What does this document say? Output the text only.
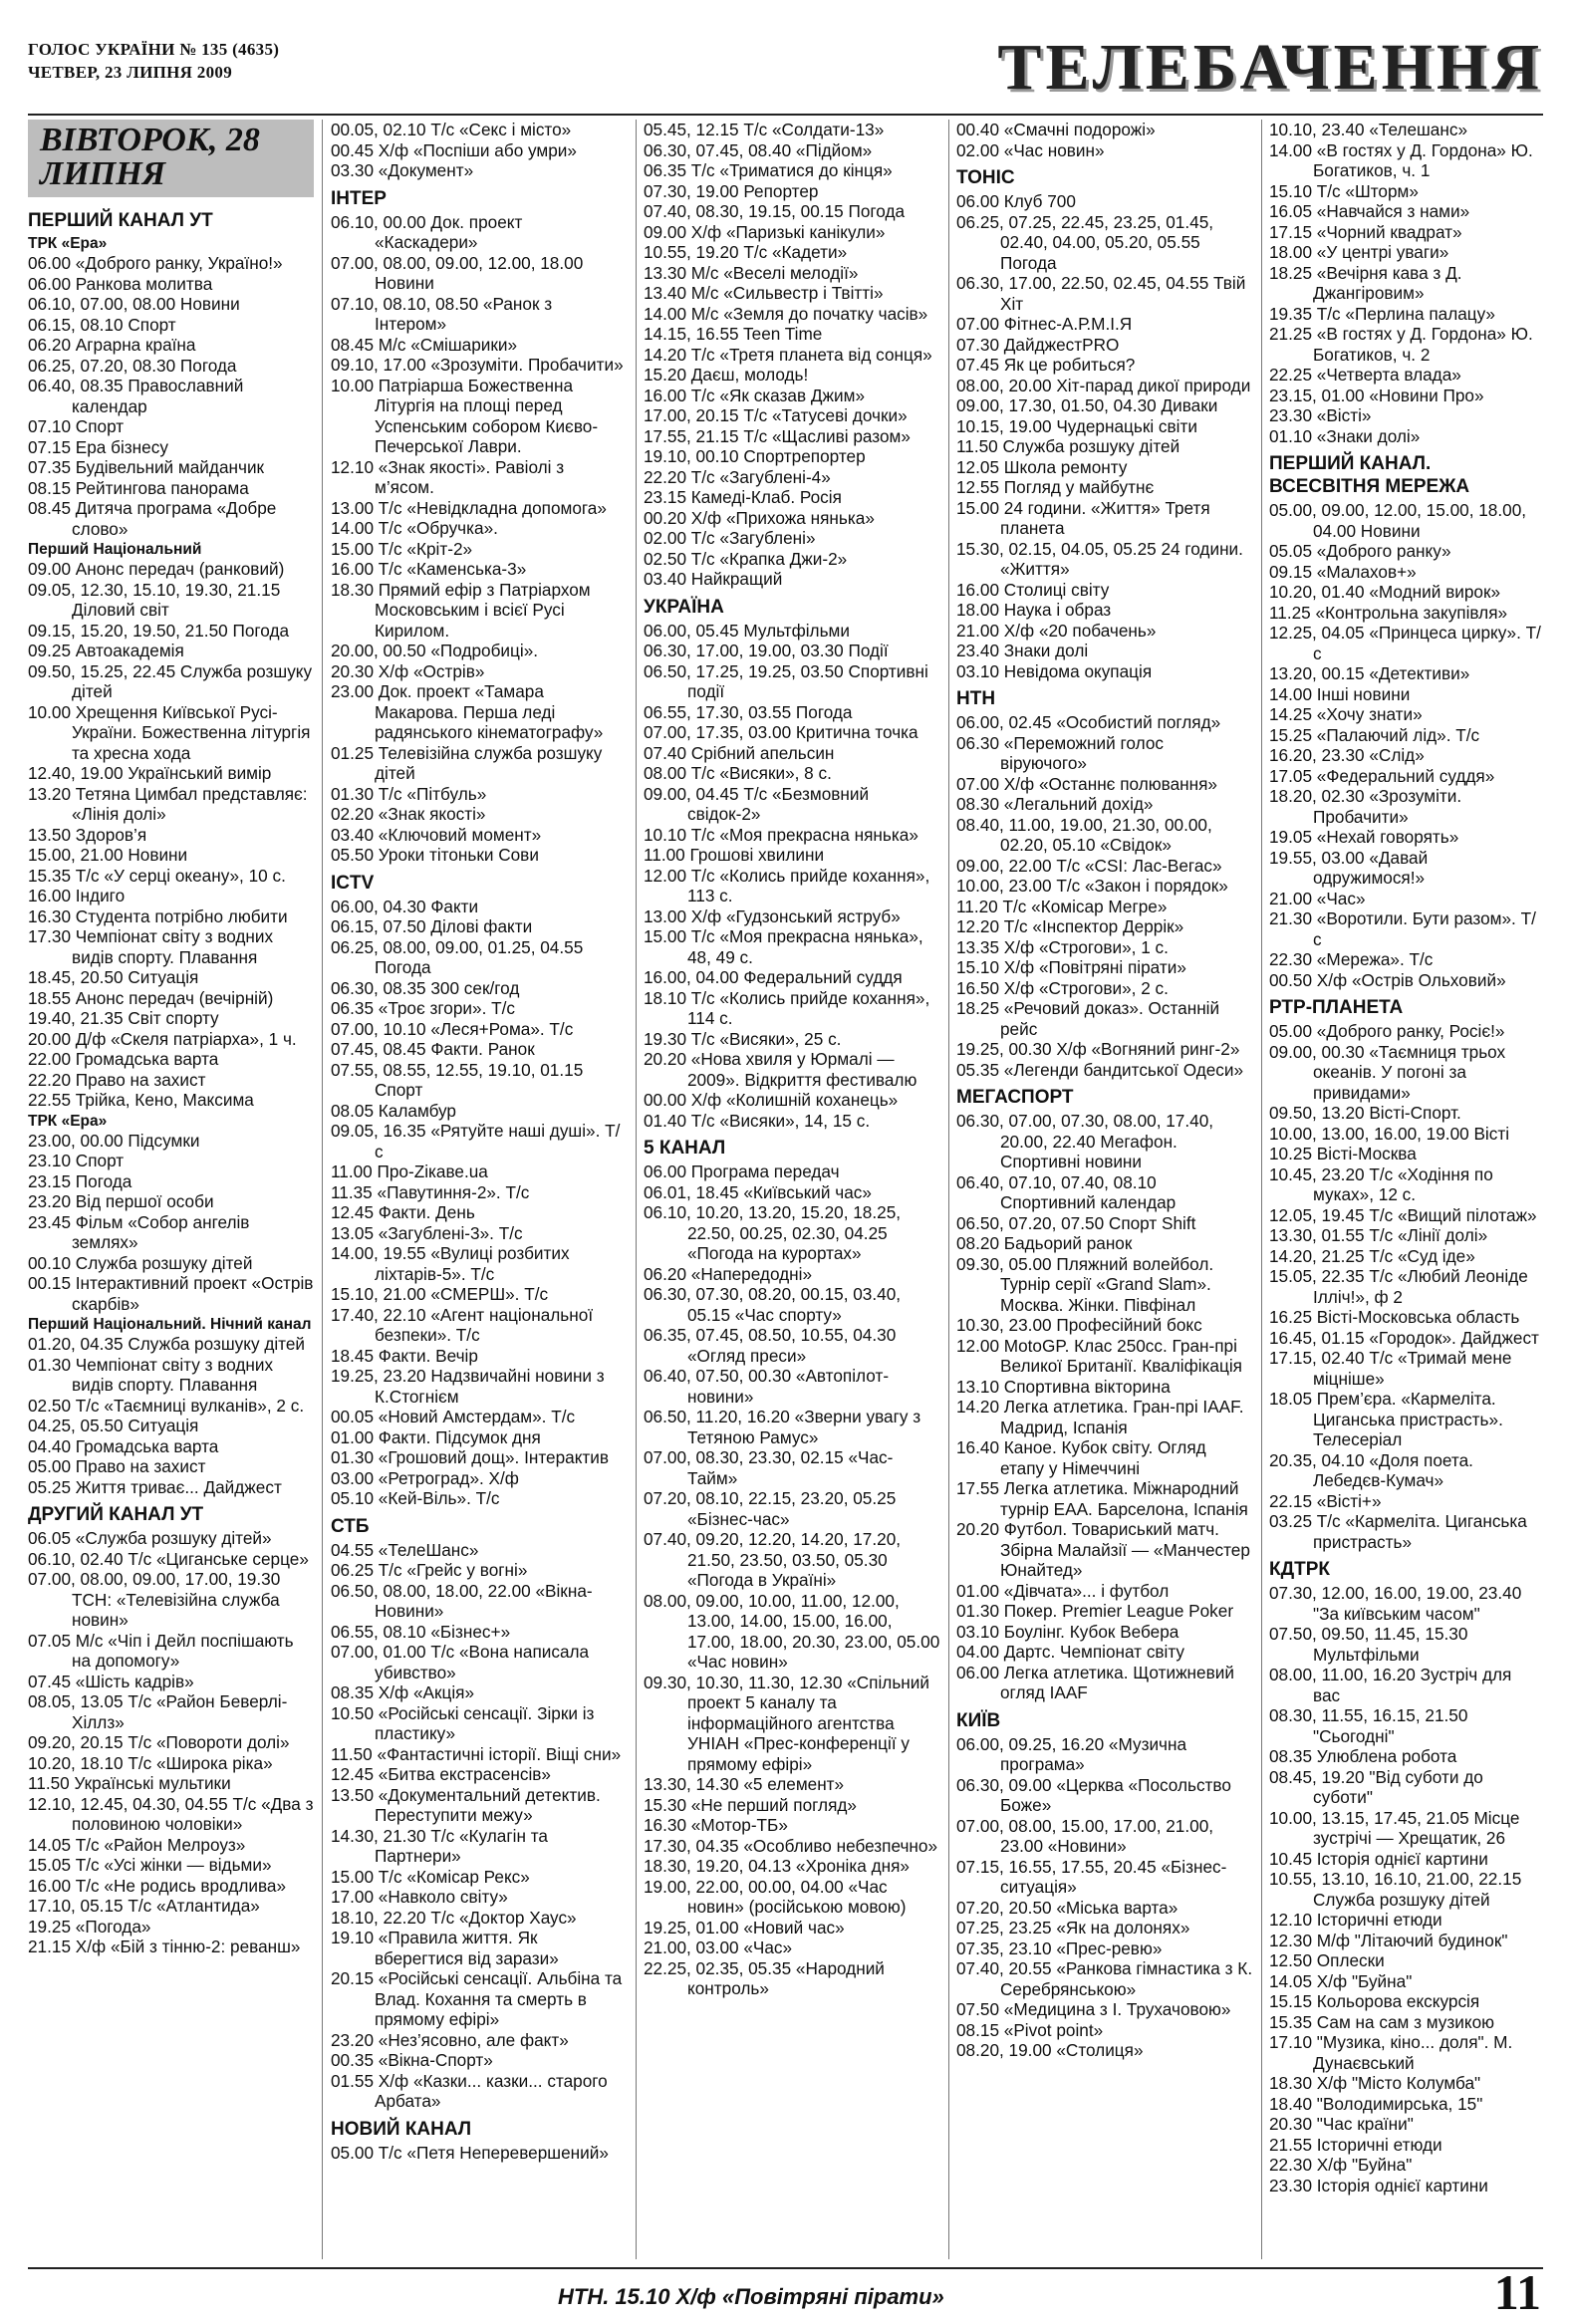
ГОЛОС УКРАЇНИ № 135 (4635)
ЧЕТВЕР, 23 ЛИПНЯ 2009	ТЕЛЕБАЧЕННЯ
ВІВТОРОК, 28 ЛИПНЯ
ПЕРШИЙ КАНАЛ УТ
ТРК «Ера»
06.00 «Доброго ранку, Україно!»
06.00 Ранкова молитва
06.10, 07.00, 08.00 Новини
06.15, 08.10 Спорт
06.20 Аграрна країна
06.25, 07.20, 08.30 Погода
06.40, 08.35 Православний календар
07.10 Спорт
07.15 Ера бізнесу
07.35 Будівельний майданчик
08.15 Рейтингова панорама
08.45 Дитяча програма «Добре слово»
Перший Національний
09.00 Анонс передач (ранковий)
09.05, 12.30, 15.10, 19.30, 21.15 Діловий світ
09.15, 15.20, 19.50, 21.50 Погода
09.25 Автоакадемія
09.50, 15.25, 22.45 Служба розшуку дітей
10.00 Хрещення Київської Русі-України. Божественна літургія та хресна хода
12.40, 19.00 Український вимір
13.20 Тетяна Цимбал представляє: «Лінія долі»
13.50 Здоров’я
15.00, 21.00 Новини
15.35 Т/с «У серці океану», 10 с.
16.00 Індиго
16.30 Студента потрібно любити
17.30 Чемпіонат світу з водних видів спорту. Плавання
18.45, 20.50 Ситуація
18.55 Анонс передач (вечірній)
19.40, 21.35 Світ спорту
20.00 Д/ф «Скеля патріарха», 1 ч.
22.00 Громадська варта
22.20 Право на захист
22.55 Трійка, Кено, Максима
ТРК «Ера»
23.00, 00.00 Підсумки
23.10 Спорт
23.15 Погода
23.20 Від першої особи
23.45 Фільм «Собор ангелів землях»
00.10 Служба розшуку дітей
00.15 Інтерактивний проект «Острів скарбів»
Перший Національний. Нічний канал
01.20, 04.35 Служба розшуку дітей
01.30 Чемпіонат світу з водних видів спорту. Плавання
02.50 Т/с «Таємниці вулканів», 2 с.
04.25, 05.50 Ситуація
04.40 Громадська варта
05.00 Право на захист
05.25 Життя триває... Дайджест
ДРУГИЙ КАНАЛ УТ
06.05 «Служба розшуку дітей»
06.10, 02.40 Т/с «Циганське серце»
07.00, 08.00, 09.00, 17.00, 19.30 ТСН: «Телевізійна служба новин»
07.05 М/с «Чіп і Дейл поспішають на допомогу»
07.45 «Шість кадрів»
08.05, 13.05 Т/с «Район Беверлі-Хіллз»
09.20, 20.15 Т/с «Повороти долі»
10.20, 18.10 Т/с «Широка ріка»
11.50 Українські мультики
12.10, 12.45, 04.30, 04.55 Т/с «Два з половиною чоловіки»
14.05 Т/с «Район Мелроуз»
15.05 Т/с «Усі жінки — відьми»
16.00 Т/с «Не родись вродлива»
17.10, 05.15 Т/с «Атлантида»
19.25 «Погода»
21.15 Х/ф «Бій з тінню-2: реванш»
00.05, 02.10 Т/с «Секс і місто»
00.45 Х/ф «Поспіши або умри»
03.30 «Документ»
ІНТЕР
06.10, 00.00 Док. проект «Каскадери»
07.00, 08.00, 09.00, 12.00, 18.00 Новини
07.10, 08.10, 08.50 «Ранок з Інтером»
08.45 М/с «Смішарики»
09.10, 17.00 «Зрозуміти. Пробачити»
10.00 Патріарша Божественна Літургія на площі перед Успенським собором Києво-Печерської Лаври.
12.10 «Знак якості». Равіолі з м’ясом.
13.00 Т/с «Невідкладна допомога»
14.00 Т/с «Обручка».
15.00 Т/с «Кріт-2»
16.00 Т/с «Каменська-3»
18.30 Прямий ефір з Патріархом Московським і всієї Русі Кирилом.
20.00, 00.50 «Подробиці».
20.30 Х/ф «Острів»
23.00 Док. проект «Тамара Макарова. Перша леді радянського кінематографу»
01.25 Телевізійна служба розшуку дітей
01.30 Т/с «Пітбуль»
02.20 «Знак якості»
03.40 «Ключовий момент»
05.50 Уроки тітоньки Сови
ICTV
06.00, 04.30 Факти
06.15, 07.50 Ділові факти
06.25, 08.00, 09.00, 01.25, 04.55 Погода
06.30, 08.35 300 сек/год
06.35 «Троє згори». Т/с
07.00, 10.10 «Леся+Рома». Т/с
07.45, 08.45 Факти. Ранок
07.55, 08.55, 12.55, 19.10, 01.15 Спорт
08.05 Каламбур
09.05, 16.35 «Рятуйте наші душі». Т/с
11.00 Про-Zікаве.ua
11.35 «Павутиння-2». Т/с
12.45 Факти. День
13.05 «Загублені-3». Т/с
14.00, 19.55 «Вулиці розбитих ліхтарів-5». Т/с
15.10, 21.00 «СМЕРШ». Т/с
17.40, 22.10 «Агент національної безпеки». Т/с
18.45 Факти. Вечір
19.25, 23.20 Надзвичайні новини з К.Стогнієм
00.05 «Новий Амстердам». Т/с
01.00 Факти. Підсумок дня
01.30 «Грошовий дощ». Інтерактив
03.00 «Ретроград». Х/ф
05.10 «Кей-Віль». Т/с
СТБ
04.55 «ТелеШанс»
06.25 Т/с «Грейс у вогні»
06.50, 08.00, 18.00, 22.00 «Вікна-Новини»
06.55, 08.10 «Бізнес+»
07.00, 01.00 Т/с «Вона написала убивство»
08.35 Х/ф «Акція»
10.50 «Російські сенсації. Зірки із пластику»
11.50 «Фантастичні історії. Віщі сни»
12.45 «Битва екстрасенсів»
13.50 «Документальний детектив. Переступити межу»
14.30, 21.30 Т/с «Кулагін та Партнери»
15.00 Т/с «Комісар Рекс»
17.00 «Навколо світу»
18.10, 22.20 Т/с «Доктор Хаус»
19.10 «Правила життя. Як вберегтися від зарази»
20.15 «Російські сенсації. Альбіна та Влад. Кохання та смерть в прямому ефірі»
23.20 «Нез’ясовно, але факт»
00.35 «Вікна-Спорт»
01.55 Х/ф «Казки... казки... старого Арбата»
НОВИЙ КАНАЛ
05.00 Т/с «Петя Неперевершений»
05.45, 12.15 Т/с «Солдати-13»
06.30, 07.45, 08.40 «Підйом»
06.35 Т/с «Триматися до кінця»
07.30, 19.00 Репортер
07.40, 08.30, 19.15, 00.15 Погода
09.00 Х/ф «Паризькі канікули»
10.55, 19.20 Т/с «Кадети»
13.30 М/с «Веселі мелодії»
13.40 М/с «Сильвестр і Твітті»
14.00 М/с «Земля до початку часів»
14.15, 16.55 Teen Time
14.20 Т/с «Третя планета від сонця»
15.20 Даєш, молодь!
16.00 Т/с «Як сказав Джим»
17.00, 20.15 Т/с «Татусеві дочки»
17.55, 21.15 Т/с «Щасливі разом»
19.10, 00.10 Спортрепортер
22.20 Т/с «Загублені-4»
23.15 Камеді-Клаб. Росія
00.20 Х/ф «Прихожа нянька»
02.00 Т/с «Загублені»
02.50 Т/с «Крапка Джи-2»
03.40 Найкращий
УКРАЇНА
06.00, 05.45 Мультфільми
06.30, 17.00, 19.00, 03.30 Події
06.50, 17.25, 19.25, 03.50 Спортивні події
06.55, 17.30, 03.55 Погода
07.00, 17.35, 03.00 Критична точка
07.40 Срібний апельсин
08.00 Т/с «Висяки», 8 с.
09.00, 04.45 Т/с «Безмовний свідок-2»
10.10 Т/с «Моя прекрасна нянька»
11.00 Грошові хвилини
12.00 Т/с «Колись прийде кохання», 113 с.
13.00 Х/ф «Гудзонський яструб»
15.00 Т/с «Моя прекрасна нянька», 48, 49 с.
16.00, 04.00 Федеральний суддя
18.10 Т/с «Колись прийде кохання», 114 с.
19.30 Т/с «Висяки», 25 с.
20.20 «Нова хвиля у Юрмалі — 2009». Відкриття фестивалю
00.00 Х/ф «Колишній коханець»
01.40 Т/с «Висяки», 14, 15 с.
5 КАНАЛ
06.00 Програма передач
06.01, 18.45 «Київський час»
06.10, 10.20, 13.20, 15.20, 18.25, 22.50, 00.25, 02.30, 04.25 «Погода на курортах»
06.20 «Напередодні»
06.30, 07.30, 08.20, 00.15, 03.40, 05.15 «Час спорту»
06.35, 07.45, 08.50, 10.55, 04.30 «Огляд преси»
06.40, 07.50, 00.30 «Автопілот-новини»
06.50, 11.20, 16.20 «Зверни увагу з Тетяною Рамус»
07.00, 08.30, 23.30, 02.15 «Час-Тайм»
07.20, 08.10, 22.15, 23.20, 05.25 «Бізнес-час»
07.40, 09.20, 12.20, 14.20, 17.20, 21.50, 23.50, 03.50, 05.30 «Погода в Україні»
08.00, 09.00, 10.00, 11.00, 12.00, 13.00, 14.00, 15.00, 16.00, 17.00, 18.00, 20.30, 23.00, 05.00 «Час новин»
09.30, 10.30, 11.30, 12.30 «Спільний проект 5 каналу та інформаційного агентства УНІАН «Прес-конференції у прямому ефірі»
13.30, 14.30 «5 елемент»
15.30 «Не перший погляд»
16.30 «Мотор-ТБ»
17.30, 04.35 «Особливо небезпечно»
18.30, 19.20, 04.13 «Хроніка дня»
19.00, 22.00, 00.00, 04.00 «Час новин» (російською мовою)
19.25, 01.00 «Новий час»
21.00, 03.00 «Час»
22.25, 02.35, 05.35 «Народний контроль»
00.40 «Смачні подорожі»
02.00 «Час новин»
ТОНІС
06.00 Клуб 700
06.25, 07.25, 22.45, 23.25, 01.45, 02.40, 04.00, 05.20, 05.55 Погода
06.30, 17.00, 22.50, 02.45, 04.55 Твій Хіт
07.00 Фітнес-А.Р.М.І.Я
07.30 ДайджестPRO
07.45 Як це робиться?
08.00, 20.00 Хіт-парад дикої природи
09.00, 17.30, 01.50, 04.30 Диваки
10.15, 19.00 Чудернацькі світи
11.50 Служба розшуку дітей
12.05 Школа ремонту
12.55 Погляд у майбутнє
15.00 24 години. «Життя» Третя планета
15.30, 02.15, 04.05, 05.25 24 години. «Життя»
16.00 Столиці світу
18.00 Наука і образ
21.00 Х/ф «20 побачень»
23.40 Знаки долі
03.10 Невідома окупація
НТН
06.00, 02.45 «Особистий погляд»
06.30 «Переможний голос віруючого»
07.00 Х/ф «Останнє полювання»
08.30 «Легальний дохід»
08.40, 11.00, 19.00, 21.30, 00.00, 02.20, 05.10 «Свідок»
09.00, 22.00 Т/с «CSI: Лас-Вегас»
10.00, 23.00 Т/с «Закон і порядок»
11.20 Т/с «Комісар Мегре»
12.20 Т/с «Інспектор Деррік»
13.35 Х/ф «Строгови», 1 с.
15.10 Х/ф «Повітряні пірати»
16.50 Х/ф «Строгови», 2 с.
18.25 «Речовий доказ». Останній рейс
19.25, 00.30 Х/ф «Вогняний ринг-2»
05.35 «Легенди бандитської Одеси»
МЕГАСПОРТ
06.30, 07.00, 07.30, 08.00, 17.40, 20.00, 22.40 Мегафон. Спортивні новини
06.40, 07.10, 07.40, 08.10 Спортивний календар
06.50, 07.20, 07.50 Спорт Shift
08.20 Бадьорий ранок
09.30, 05.00 Пляжний волейбол. Турнір серії «Grand Slam». Москва. Жінки. Півфінал
10.30, 23.00 Професійний бокс
12.00 MotoGP. Клас 250cc. Гран-прі Великої Британії. Кваліфікація
13.10 Спортивна вікторина
14.20 Легка атлетика. Гран-прі IAAF. Мадрид, Іспанія
16.40 Каное. Кубок світу. Огляд етапу у Німеччині
17.55 Легка атлетика. Міжнародний турнір ЕАА. Барселона, Іспанія
20.20 Футбол. Товариський матч. Збірна Малайзії — «Манчестер Юнайтед»
01.00 «Дівчата»... і футбол
01.30 Покер. Premier League Poker
03.10 Боулінг. Кубок Вебера
04.00 Дартс. Чемпіонат світу
06.00 Легка атлетика. Щотижневий огляд IAAF
КИЇВ
06.00, 09.25, 16.20 «Музична програма»
06.30, 09.00 «Церква «Посольство Боже»
07.00, 08.00, 15.00, 17.00, 21.00, 23.00 «Новини»
07.15, 16.55, 17.55, 20.45 «Бізнес-ситуація»
07.20, 20.50 «Міська варта»
07.25, 23.25 «Як на долонях»
07.35, 23.10 «Прес-ревю»
07.40, 20.55 «Ранкова гімнастика з К. Серебрянською»
07.50 «Медицина з І. Трухачовою»
08.15 «Pivot point»
08.20, 19.00 «Столиця»
10.10, 23.40 «Телешанс»
14.00 «В гостях у Д. Гордона» Ю. Богатиков, ч. 1
15.10 Т/с «Шторм»
16.05 «Навчайся з нами»
17.15 «Чорний квадрат»
18.00 «У центрі уваги»
18.25 «Вечірня кава з Д. Джангіровим»
19.35 Т/с «Перлина палацу»
21.25 «В гостях у Д. Гордона» Ю. Богатиков, ч. 2
22.25 «Четверта влада»
23.15, 01.00 «Новини Про»
23.30 «Вісті»
01.10 «Знаки долі»
ПЕРШИЙ КАНАЛ. ВСЕСВІТНЯ МЕРЕЖА
05.00, 09.00, 12.00, 15.00, 18.00, 04.00 Новини
05.05 «Доброго ранку»
09.15 «Малахов+»
10.20, 01.40 «Модний вирок»
11.25 «Контрольна закупівля»
12.25, 04.05 «Принцеса цирку». Т/с
13.20, 00.15 «Детективи»
14.00 Інші новини
14.25 «Хочу знати»
15.25 «Палаючий лід». Т/с
16.20, 23.30 «Слід»
17.05 «Федеральний суддя»
18.20, 02.30 «Зрозуміти. Пробачити»
19.05 «Нехай говорять»
19.55, 03.00 «Давай одружимося!»
21.00 «Час»
21.30 «Воротили. Бути разом». Т/с
22.30 «Мережа». Т/с
00.50 Х/ф «Острів Ольховий»
РТР-ПЛАНЕТА
05.00 «Доброго ранку, Росіє!»
09.00, 00.30 «Таємниця трьох океанів. У погоні за привидами»
09.50, 13.20 Вісті-Спорт.
10.00, 13.00, 16.00, 19.00 Вісті
10.25 Вісті-Москва
10.45, 23.20 Т/с «Ходіння по муках», 12 с.
12.05, 19.45 Т/с «Вищий пілотаж»
13.30, 01.55 Т/с «Лінії долі»
14.20, 21.25 Т/с «Суд іде»
15.05, 22.35 Т/с «Любий Леоніде Ілліч!», ф 2
16.25 Вісті-Московська область
16.45, 01.15 «Городок». Дайджест
17.15, 02.40 Т/с «Тримай мене міцніше»
18.05 Прем’єра. «Кармеліта. Циганська пристрасть». Телесеріал
20.35, 04.10 «Доля поета. Лебедєв-Кумач»
22.15 «Вісті+»
03.25 Т/с «Кармеліта. Циганська пристрасть»
КДТРК
07.30, 12.00, 16.00, 19.00, 23.40 "За київським часом"
07.50, 09.50, 11.45, 15.30 Мультфільми
08.00, 11.00, 16.20 Зустріч для вас
08.30, 11.55, 16.15, 21.50 "Сьогодні"
08.35 Улюблена робота
08.45, 19.20 "Від суботи до суботи"
10.00, 13.15, 17.45, 21.05 Місце зустрічі — Хрещатик, 26
10.45 Історія однієї картини
10.55, 13.10, 16.10, 21.00, 22.15 Служба розшуку дітей
12.10 Історичні етюди
12.30 М/ф "Літаючий будинок"
12.50 Оплески
14.05 Х/ф "Буйна"
15.15 Кольорова екскурсія
15.35 Сам на сам з музикою
17.10 "Музика, кіно... доля". М. Дунаєвський
18.30 Х/ф "Місто Колумба"
18.40 "Володимирська, 15"
20.30 "Час країни"
21.55 Історичні етюди
22.30 Х/ф "Буйна"
23.30 Історія однієї картини
НТН. 15.10 Х/ф «Повітряні пірати»	11
